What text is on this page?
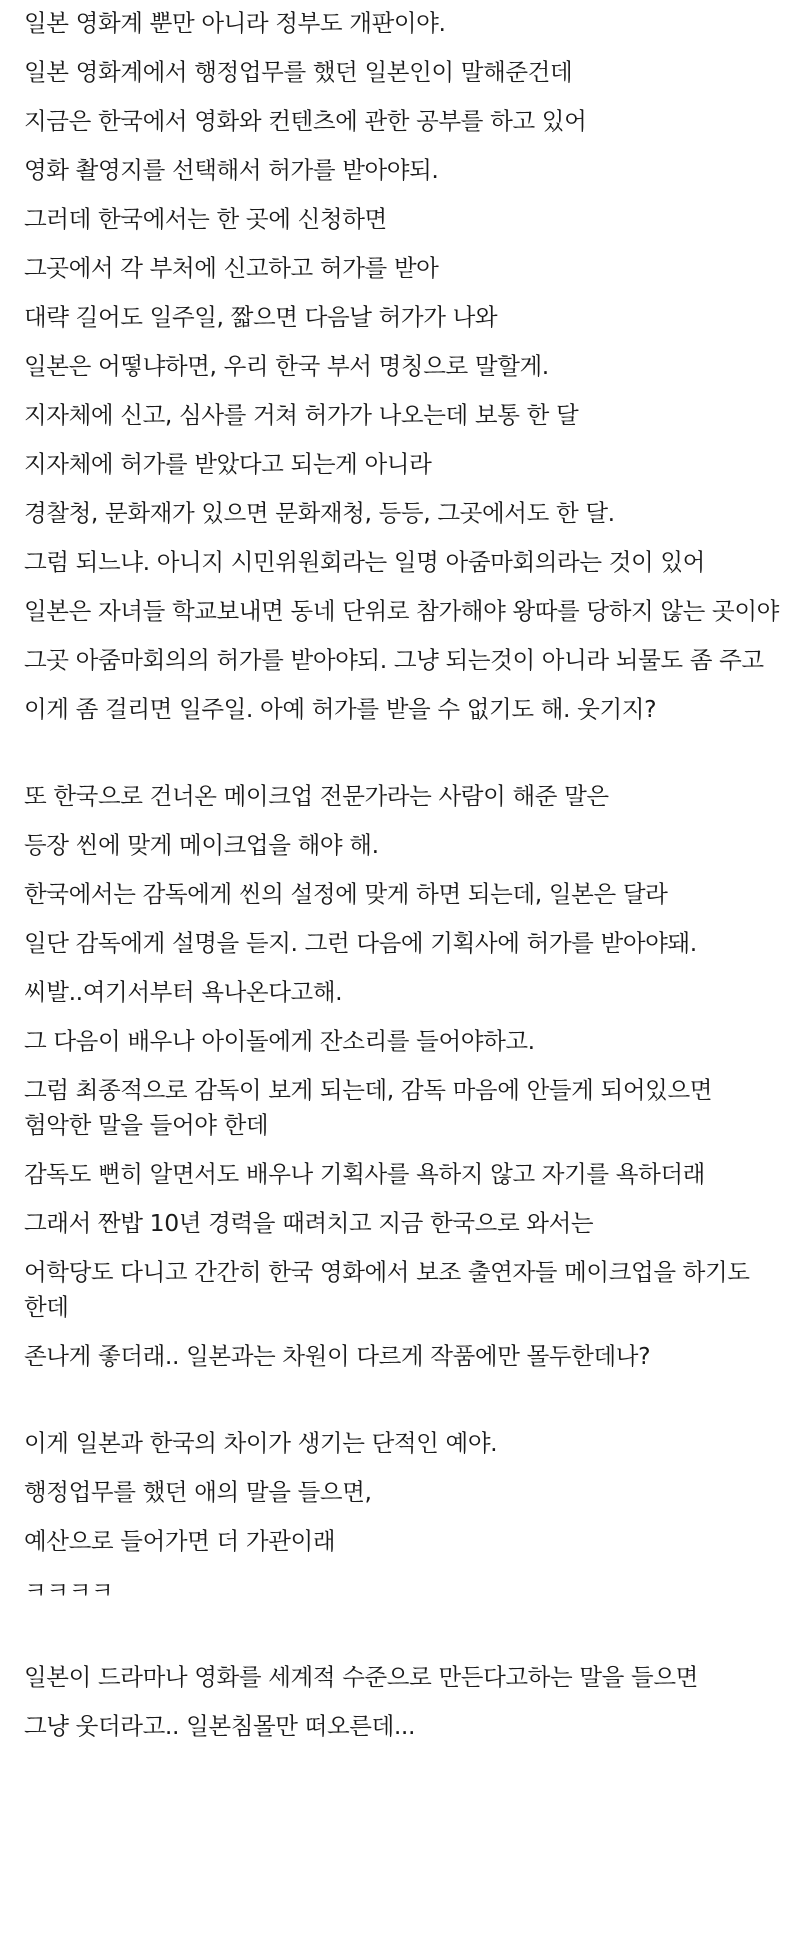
일본 영화계 뿐만 아니라 정부도 개판이야.
일본 영화계에서 행정업무를 했던 일본인이 말해준건데
지금은 한국에서 영화와 컨텐츠에 관한 공부를 하고 있어
영화 촬영지를 선택해서 허가를 받아야되.
그러데 한국에서는 한 곳에 신청하면
그곳에서 각 부처에 신고하고 허가를 받아
대략 길어도 일주일, 짧으면 다음날 허가가 나와
일본은 어떻냐하면, 우리 한국 부서 명칭으로 말할게.
지자체에 신고, 심사를 거쳐 허가가 나오는데 보통 한 달
지자체에 허가를 받았다고 되는게 아니라
경찰청, 문화재가 있으면 문화재청, 등등, 그곳에서도 한 달.
그럼 되느냐. 아니지 시민위원회라는 일명 아줌마회의라는 것이 있어
일본은 자녀들 학교보내면 동네 단위로 참가해야 왕따를 당하지 않는 곳이야
그곳 아줌마회의의 허가를 받아야되. 그냥 되는것이 아니라 뇌물도 좀 주고
이게 좀 걸리면 일주일. 아예 허가를 받을 수 없기도 해. 웃기지?
또 한국으로 건너온 메이크업 전문가라는 사람이 해준 말은
등장 씬에 맞게 메이크업을 해야 해.
한국에서는 감독에게 씬의 설정에 맞게 하면 되는데, 일본은 달라
일단 감독에게 설명을 듣지. 그런 다음에 기획사에 허가를 받아야돼.
씨발..여기서부터 욕나온다고해.
그 다음이 배우나 아이돌에게 잔소리를 들어야하고.
그럼 최종적으로 감독이 보게 되는데, 감독 마음에 안들게 되어있으면 험악한 말을 들어야 한데
감독도 뻔히 알면서도 배우나 기획사를 욕하지 않고 자기를 욕하더래
그래서 짠밥 10년 경력을 때려치고 지금 한국으로 와서는
어학당도 다니고 간간히 한국 영화에서 보조 출연자들 메이크업을 하기도 한데
존나게 좋더래.. 일본과는 차원이 다르게 작품에만 몰두한데나?
이게 일본과 한국의 차이가 생기는 단적인 예야.
행정업무를 했던 애의 말을 들으면,
예산으로 들어가면 더 가관이래
ㅋㅋㅋㅋ
일본이 드라마나 영화를 세계적 수준으로 만든다고하는 말을 들으면
그냥 웃더라고.. 일본침몰만 떠오른데...
